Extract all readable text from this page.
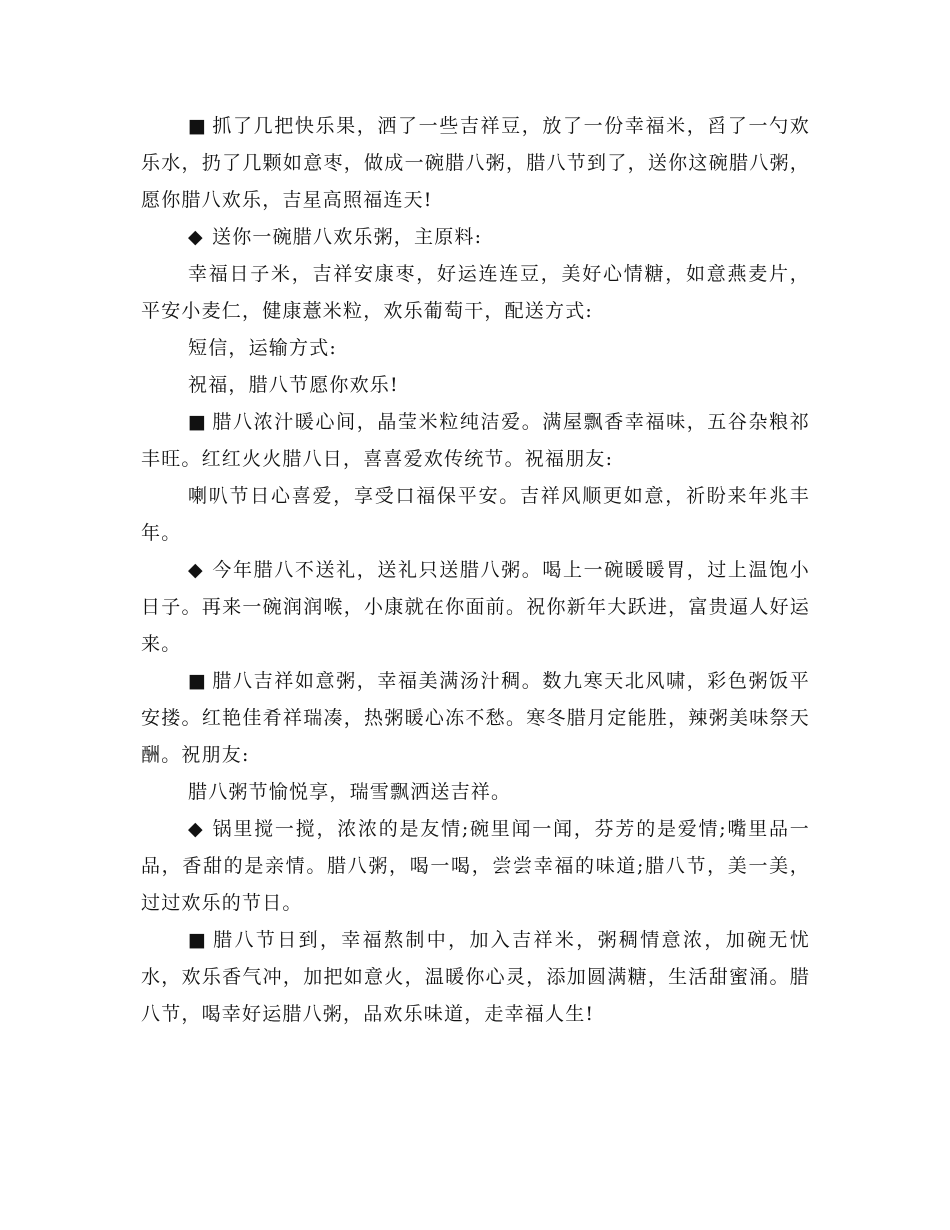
■ 抓了几把快乐果，洒了一些吉祥豆，放了一份幸福米，舀了一勺欢乐水，扔了几颗如意枣，做成一碗腊八粥，腊八节到了，送你这碗腊八粥，愿你腊八欢乐，吉星高照福连天!

◆ 送你一碗腊八欢乐粥，主原料:

幸福日子米，吉祥安康枣，好运连连豆，美好心情糖，如意燕麦片，平安小麦仁，健康薏米粒，欢乐葡萄干，配送方式:

短信，运输方式:

祝福，腊八节愿你欢乐!

■ 腊八浓汁暖心间，晶莹米粒纯洁爱。满屋飘香幸福味，五谷杂粮祁丰旺。红红火火腊八日，喜喜爱欢传统节。祝福朋友:

喇叭节日心喜爱，享受口福保平安。吉祥风顺更如意，祈盼来年兆丰年。

◆ 今年腊八不送礼，送礼只送腊八粥。喝上一碗暖暖胃，过上温饱小日子。再来一碗润润喉，小康就在你面前。祝你新年大跃进，富贵逼人好运来。

■ 腊八吉祥如意粥，幸福美满汤汁稠。数九寒天北风啸，彩色粥饭平安搂。红艳佳肴祥瑞凑，热粥暖心冻不愁。寒冬腊月定能胜，辣粥美味祭天酬。祝朋友:

腊八粥节愉悦享，瑞雪飘洒送吉祥。

◆ 锅里搅一搅，浓浓的是友情;碗里闻一闻，芬芳的是爱情;嘴里品一品，香甜的是亲情。腊八粥，喝一喝，尝尝幸福的味道;腊八节，美一美，过过欢乐的节日。

■ 腊八节日到，幸福熬制中，加入吉祥米，粥稠情意浓，加碗无忧水，欢乐香气冲，加把如意火，温暖你心灵，添加圆满糖，生活甜蜜涌。腊八节，喝幸好运腊八粥，品欢乐味道，走幸福人生!
